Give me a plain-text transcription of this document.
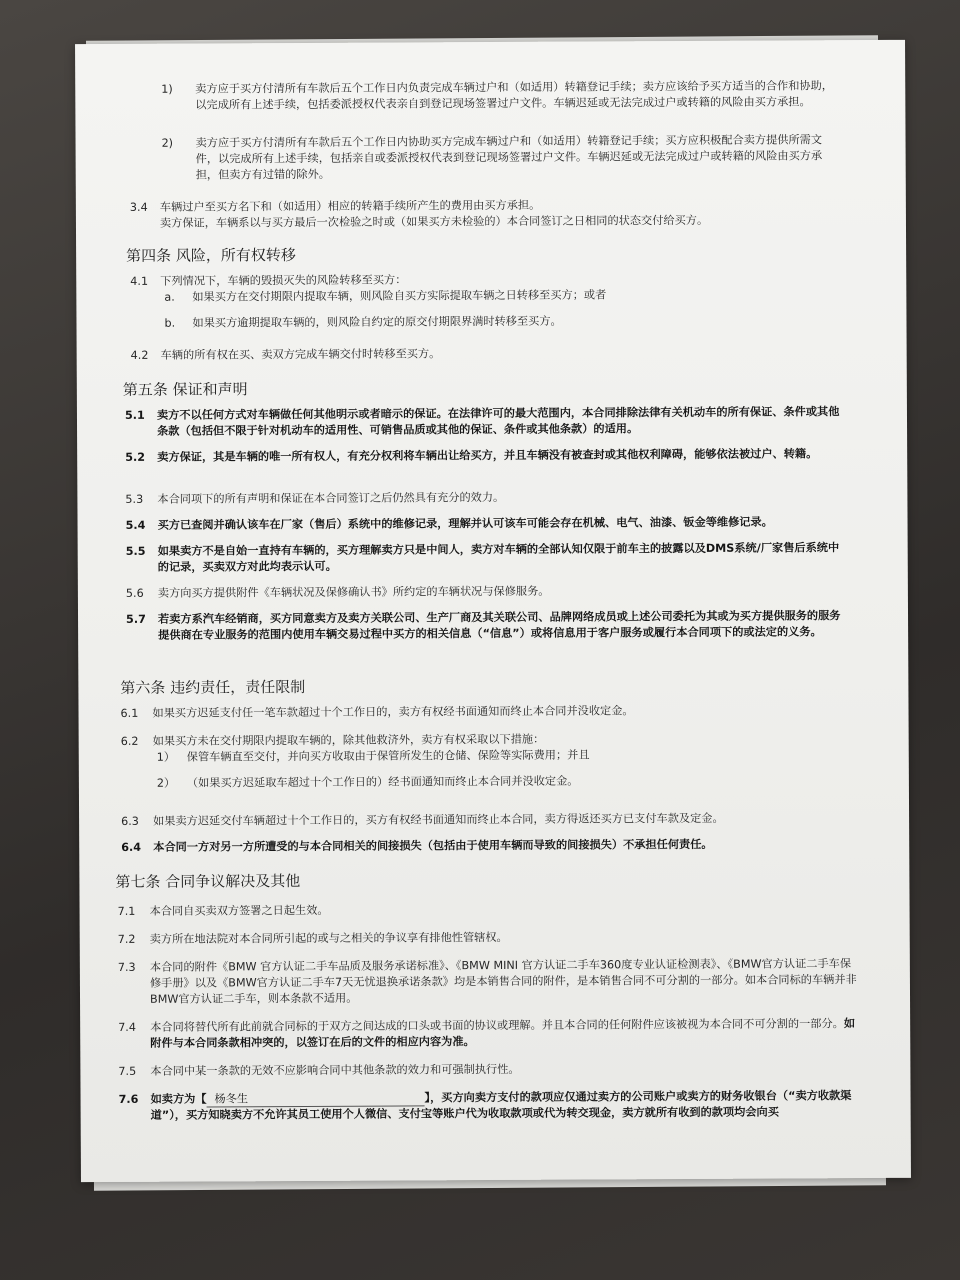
1) 卖方应于买方付清所有车款后五个工作日内负责完成车辆过户和（如适用）转籍登记手续；卖方应该给予买方适当的合作和协助，以完成所有上述手续，包括委派授权代表亲自到登记现场签署过户文件。车辆迟延或无法完成过户或转籍的风险由买方承担。
2) 卖方应于买方付清所有车款后五个工作日内协助买方完成车辆过户和（如适用）转籍登记手续；买方应积极配合卖方提供所需文件，以完成所有上述手续，包括亲自或委派授权代表到登记现场签署过户文件。车辆迟延或无法完成过户或转籍的风险由买方承担，但卖方有过错的除外。
3.4 车辆过户至买方名下和（如适用）相应的转籍手续所产生的费用由买方承担。
卖方保证，车辆系以与买方最后一次检验之时或（如果买方未检验的）本合同签订之日相同的状态交付给买方。
第四条 风险，所有权转移
4.1 下列情况下，车辆的毁损灭失的风险转移至买方：
a. 如果买方在交付期限内提取车辆，则风险自买方实际提取车辆之日转移至买方；或者
b. 如果买方逾期提取车辆的，则风险自约定的原交付期限界满时转移至买方。
4.2 车辆的所有权在买、卖双方完成车辆交付时转移至买方。
第五条 保证和声明
5.1 卖方不以任何方式对车辆做任何其他明示或者暗示的保证。在法律许可的最大范围内，本合同排除法律有关机动车的所有保证、条件或其他条款（包括但不限于针对机动车的适用性、可销售品质或其他的保证、条件或其他条款）的适用。
5.2 卖方保证，其是车辆的唯一所有权人，有充分权利将车辆出让给买方，并且车辆没有被查封或其他权利障碍，能够依法被过户、转籍。
5.3 本合同项下的所有声明和保证在本合同签订之后仍然具有充分的效力。
5.4 买方已查阅并确认该车在厂家（售后）系统中的维修记录，理解并认可该车可能会存在机械、电气、油漆、钣金等维修记录。
5.5 如果卖方不是自始一直持有车辆的，买方理解卖方只是中间人，卖方对车辆的全部认知仅限于前车主的披露以及DMS系统/厂家售后系统中的记录，买卖双方对此均表示认可。
5.6 卖方向买方提供附件《车辆状况及保修确认书》所约定的车辆状况与保修服务。
5.7 若卖方系汽车经销商，买方同意卖方及卖方关联公司、生产厂商及其关联公司、品牌网络成员或上述公司委托为其或为买方提供服务的服务提供商在专业服务的范围内使用车辆交易过程中买方的相关信息（“信息”）或将信息用于客户服务或履行本合同项下的或法定的义务。
第六条 违约责任，责任限制
6.1 如果买方迟延支付任一笔车款超过十个工作日的，卖方有权经书面通知而终止本合同并没收定金。
6.2 如果买方未在交付期限内提取车辆的，除其他救济外，卖方有权采取以下措施：
1） 保管车辆直至交付，并向买方收取由于保管所发生的仓储、保险等实际费用；并且
2） （如果买方迟延取车超过十个工作日的）经书面通知而终止本合同并没收定金。
6.3 如果卖方迟延交付车辆超过十个工作日的，买方有权经书面通知而终止本合同，卖方得返还买方已支付车款及定金。
6.4 本合同一方对另一方所遭受的与本合同相关的间接损失（包括由于使用车辆而导致的间接损失）不承担任何责任。
第七条 合同争议解决及其他
7.1 本合同自买卖双方签署之日起生效。
7.2 卖方所在地法院对本合同所引起的或与之相关的争议享有排他性管辖权。
7.3 本合同的附件《BMW 官方认证二手车品质及服务承诺标准》、《BMW MINI 官方认证二手车360度专业认证检测表》、《BMW官方认证二手车保修手册》以及《BMW官方认证二手车7天无忧退换承诺条款》均是本销售合同的附件，是本销售合同不可分割的一部分。如本合同标的车辆并非BMW官方认证二手车，则本条款不适用。
7.4 本合同将替代所有此前就合同标的于双方之间达成的口头或书面的协议或理解。并且本合同的任何附件应该被视为本合同不可分割的一部分。如附件与本合同条款相冲突的，以签订在后的文件的相应内容为准。
7.5 本合同中某一条款的无效不应影响合同中其他条款的效力和可强制执行性。
7.6 如卖方为【 杨冬生	】，买方向卖方支付的款项应仅通过卖方的公司账户或卖方的财务收银台（“卖方收款渠道”），买方知晓卖方不允许其员工使用个人微信、支付宝等账户代为收取款项或代为转交现金，卖方就所有收到的款项均会向买
